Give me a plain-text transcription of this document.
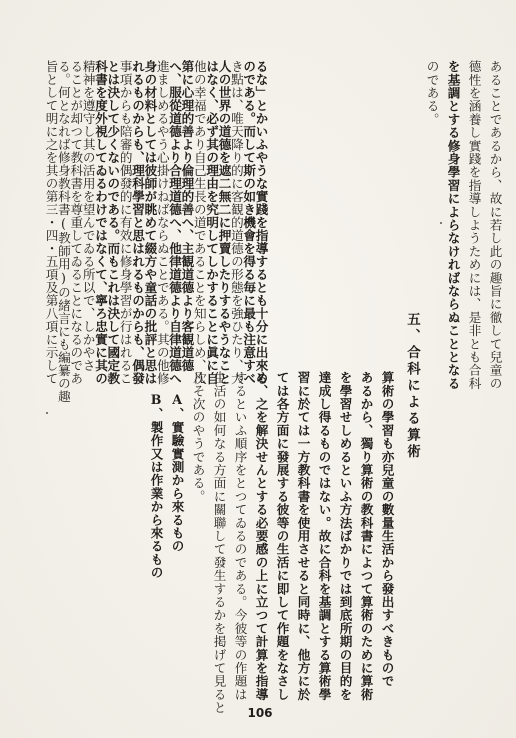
五、合科による算術	あることであるから、故に若し此の趣旨に徹して兒童の
德性を涵養し實踐を指導しようためには、是非とも合科
を基調とする修身學習によらなければならぬこととなる
のである。
算術の學習も亦兒童の數量生活から發出すべきもので
あるから、獨り算術の教科書によつて算術のために算術
を學習せしめるといふ方法ばかりでは到底所期の目的を
達成し得るものではない。故に合科を基調とする算術學
習に於ては一方教科書を使用させると同時に、他方に於
ては各方面に發展する彼等の生活に即して作題をなさし
め、之を解決せんとする必要感の上に立つて計算を指導
するといふ順序をとつてゐるのである。今彼等の作題は
生活の如何なる方面に關聯して發生するかを掲げて見ると
凡そ次のやうである。
A、實驗實測から來るもの
B、製作又は作業から來るもの
るな」とかいふやうな實踐を指導するとも十分に出來る
のである。而して斯の如き機會を得る毎に最も注意すべ
き點は、唯天降り的に客観的道德の形態を強ひたり、大
人の世界の道德を遮二無二に押賣したりするやうなこと
はなく、必ず其の理由を究明してしかすることに眞に自
他の幸福であり自己生長の道であることを知らしめ、次
第に心理的善より倫理的善へ、主観道德より客観道德
へ、服從道德より合理道德へ、他律道德より自律道德へ
進ましめるやう心掛けねばならぬことである。其の他修
身の材料としては彼師が眺めて綴方や童話の批評と思は
れるものからも、理科學習と思はれるものからも、偶發
事項からも陪審的偶發的に有效に修身學習が行はれるこ
とは決して少くないのである。而もこれは決して國定教
科書を度外視してゐるわけではなくて、寧ろ忠實に其の
精神を遵守し其の活用を望んでゐる所以で、しかやさ
ることが却つて教科書を尊重してゐることになるのであ
る。何となれば修身教科書(教師用)の緒言にも編纂の趣
旨として明に之を其の第三・四・五項及第八項に示して
106
